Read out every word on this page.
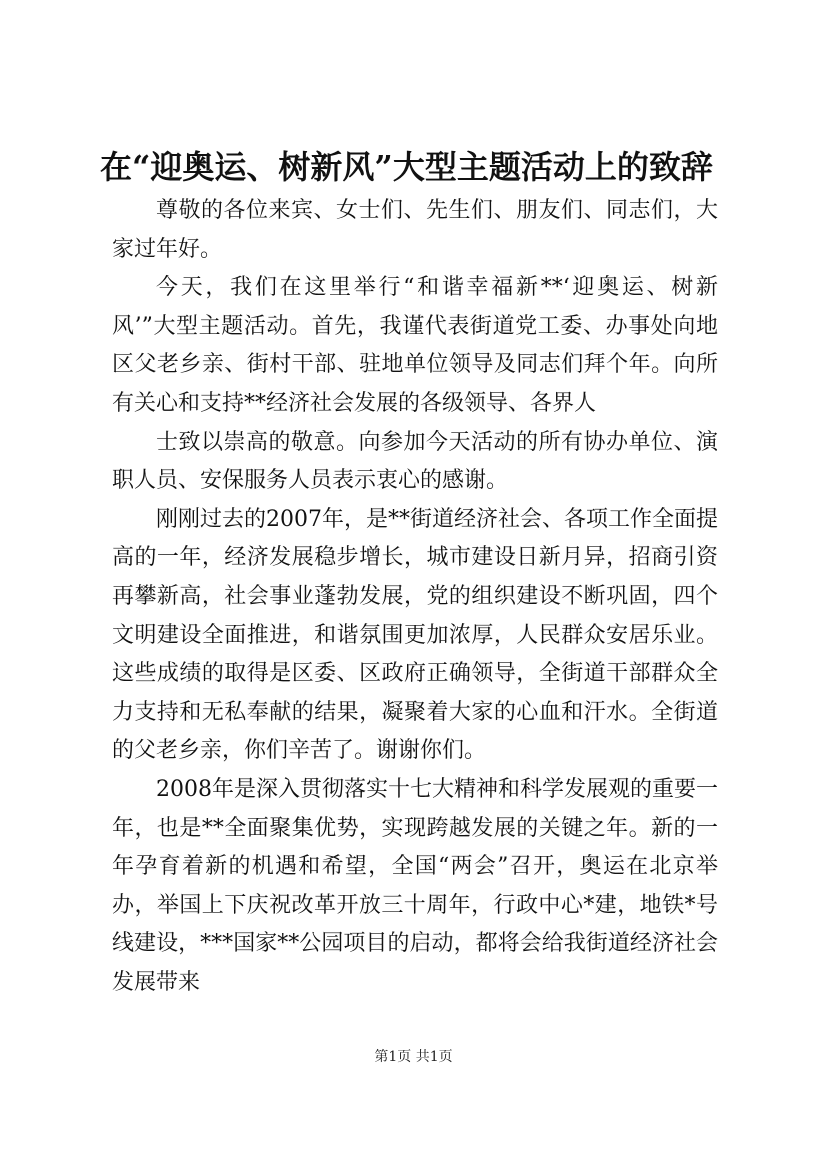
在“迎奥运、树新风”大型主题活动上的致辞

尊敬的各位来宾、女士们、先生们、朋友们、同志们，大家过年好。

今天，我们在这里举行“和谐幸福新**‘迎奥运、树新风’”大型主题活动。首先，我谨代表街道党工委、办事处向地区父老乡亲、街村干部、驻地单位领导及同志们拜个年。向所有关心和支持**经济社会发展的各级领导、各界人

士致以崇高的敬意。向参加今天活动的所有协办单位、演职人员、安保服务人员表示衷心的感谢。

刚刚过去的2007年，是**街道经济社会、各项工作全面提高的一年，经济发展稳步增长，城市建设日新月异，招商引资再攀新高，社会事业蓬勃发展，党的组织建设不断巩固，四个文明建设全面推进，和谐氛围更加浓厚，人民群众安居乐业。这些成绩的取得是区委、区政府正确领导，全街道干部群众全力支持和无私奉献的结果，凝聚着大家的心血和汗水。全街道的父老乡亲，你们辛苦了。谢谢你们。

2008年是深入贯彻落实十七大精神和科学发展观的重要一年，也是**全面聚集优势，实现跨越发展的关键之年。新的一年孕育着新的机遇和希望，全国“两会”召开，奥运在北京举办，举国上下庆祝改革开放三十周年，行政中心*建，地铁*号线建设，***国家**公园项目的启动，都将会给我街道经济社会发展带来

第1页 共1页
